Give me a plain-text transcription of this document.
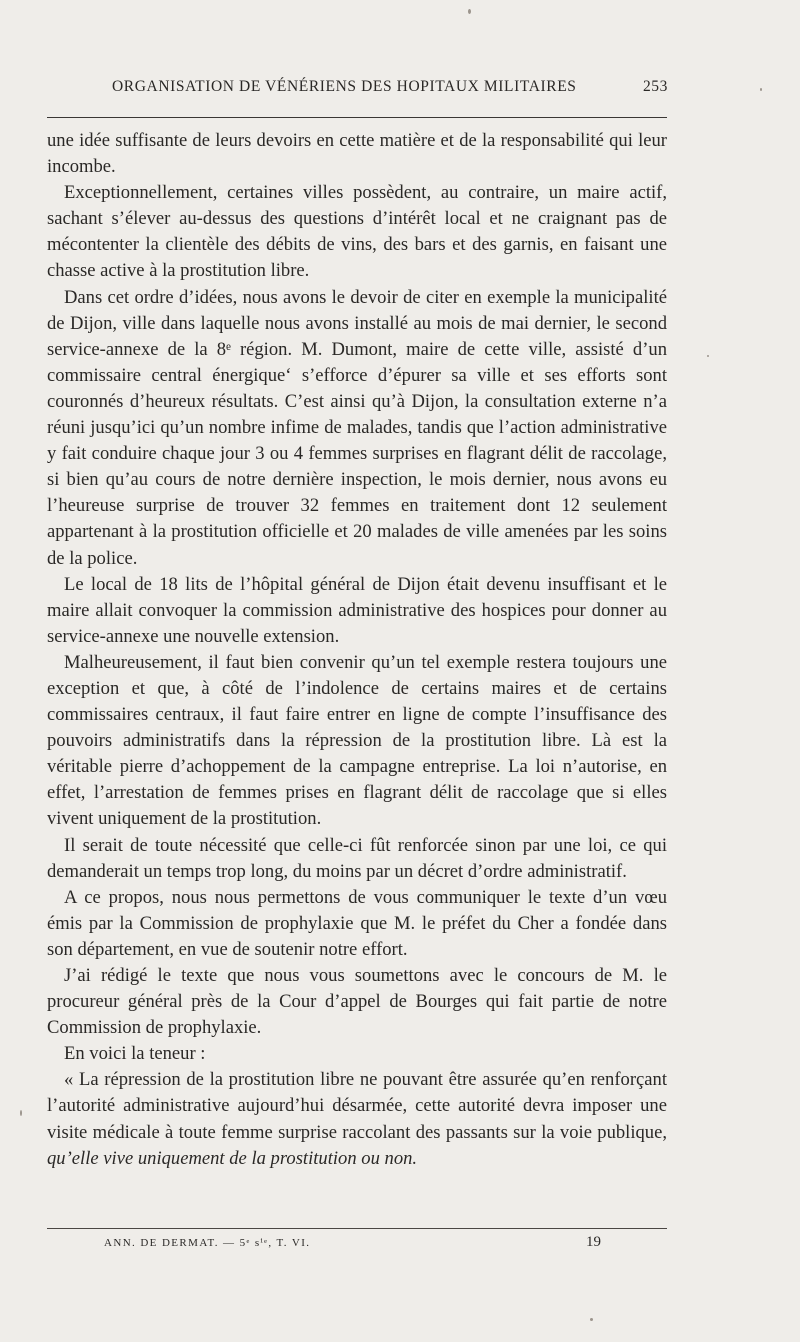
ORGANISATION DE VÉNÉRIENS DES HOPITAUX MILITAIRES	253

une idée suffisante de leurs devoirs en cette matière et de la responsabilité qui leur incombe.

Exceptionnellement, certaines villes possèdent, au contraire, un maire actif, sachant s’élever au-dessus des questions d’intérêt local et ne craignant pas de mécontenter la clientèle des débits de vins, des bars et des garnis, en faisant une chasse active à la prostitution libre.

Dans cet ordre d’idées, nous avons le devoir de citer en exemple la municipalité de Dijon, ville dans laquelle nous avons installé au mois de mai dernier, le second service-annexe de la 8ᵉ région. M. Dumont, maire de cette ville, assisté d’un commissaire central énergique‘ s’efforce d’épurer sa ville et ses efforts sont couronnés d’heureux résultats. C’est ainsi qu’à Dijon, la consultation externe n’a réuni jusqu’ici qu’un nombre infime de malades, tandis que l’action administrative y fait conduire chaque jour 3 ou 4 femmes surprises en flagrant délit de raccolage, si bien qu’au cours de notre dernière inspection, le mois dernier, nous avons eu l’heureuse surprise de trouver 32 femmes en traitement dont 12 seulement appartenant à la prostitution officielle et 20 malades de ville amenées par les soins de la police.

Le local de 18 lits de l’hôpital général de Dijon était devenu insuffisant et le maire allait convoquer la commission administrative des hospices pour donner au service-annexe une nouvelle extension.

Malheureusement, il faut bien convenir qu’un tel exemple restera toujours une exception et que, à côté de l’indolence de certains maires et de certains commissaires centraux, il faut faire entrer en ligne de compte l’insuffisance des pouvoirs administratifs dans la répression de la prostitution libre. Là est la véritable pierre d’achoppement de la campagne entreprise. La loi n’autorise, en effet, l’arrestation de femmes prises en flagrant délit de raccolage que si elles vivent uniquement de la prostitution.

Il serait de toute nécessité que celle-ci fût renforcée sinon par une loi, ce qui demanderait un temps trop long, du moins par un décret d’ordre administratif.

A ce propos, nous nous permettons de vous communiquer le texte d’un vœu émis par la Commission de prophylaxie que M. le préfet du Cher a fondée dans son département, en vue de soutenir notre effort.

J’ai rédigé le texte que nous vous soumettons avec le concours de M. le procureur général près de la Cour d’appel de Bourges qui fait partie de notre Commission de prophylaxie.

En voici la teneur :

« La répression de la prostitution libre ne pouvant être assurée qu’en renforçant l’autorité administrative aujourd’hui désarmée, cette autorité devra imposer une visite médicale à toute femme surprise raccolant des passants sur la voie publique, qu’elle vive uniquement de la prostitution ou non.

ANN. DE DERMAT. — 5ᵉ sⁱᵉ, T. VI.	19
